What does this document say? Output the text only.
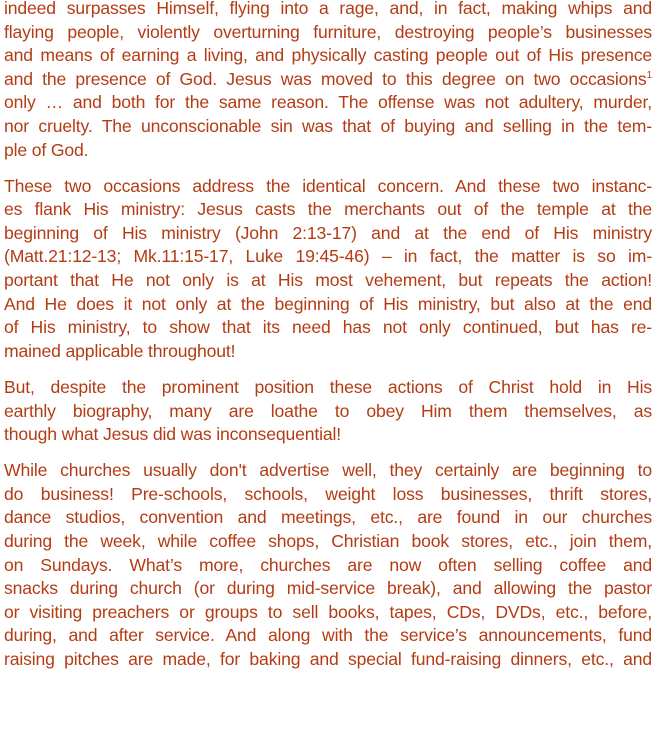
indeed surpasses Himself, flying into a rage, and, in fact, making whips and
flaying people, violently overturning furniture, destroying people’s businesses
and means of earning a living, and physically casting people out of His presence
and the presence of God. Jesus was moved to this degree on two occasions$^1$
only … and both for the same reason. The offense was not adultery, murder,
nor cruelty. The unconscionable sin was that of buying and selling in the tem-
ple of God.
These two occasions address the identical concern. And these two instanc-
es flank His ministry: Jesus casts the merchants out of the temple at the
beginning of His ministry (John 2:13-17) and at the end of His ministry
(Matt.21:12-13; Mk.11:15-17, Luke 19:45-46) – in fact, the matter is so im-
portant that He not only is at His most vehement, but repeats the action!
And He does it not only at the beginning of His ministry, but also at the end
of His ministry, to show that its need has not only continued, but has re-
mained applicable throughout!
But, despite the prominent position these actions of Christ hold in His
earthly biography, many are loathe to obey Him them themselves, as
though what Jesus did was inconsequential!
While churches usually don't advertise well, they certainly are beginning to
do business! Pre-schools, schools, weight loss businesses, thrift stores,
dance studios, convention and meetings, etc., are found in our churches
during the week, while coffee shops, Christian book stores, etc., join them,
on Sundays. What’s more, churches are now often selling coffee and
snacks during church (or during mid-service break), and allowing the pastor
or visiting preachers or groups to sell books, tapes, CDs, DVDs, etc., before,
during, and after service. And along with the service’s announcements, fund
raising pitches are made, for baking and special fund-raising dinners, etc., and
